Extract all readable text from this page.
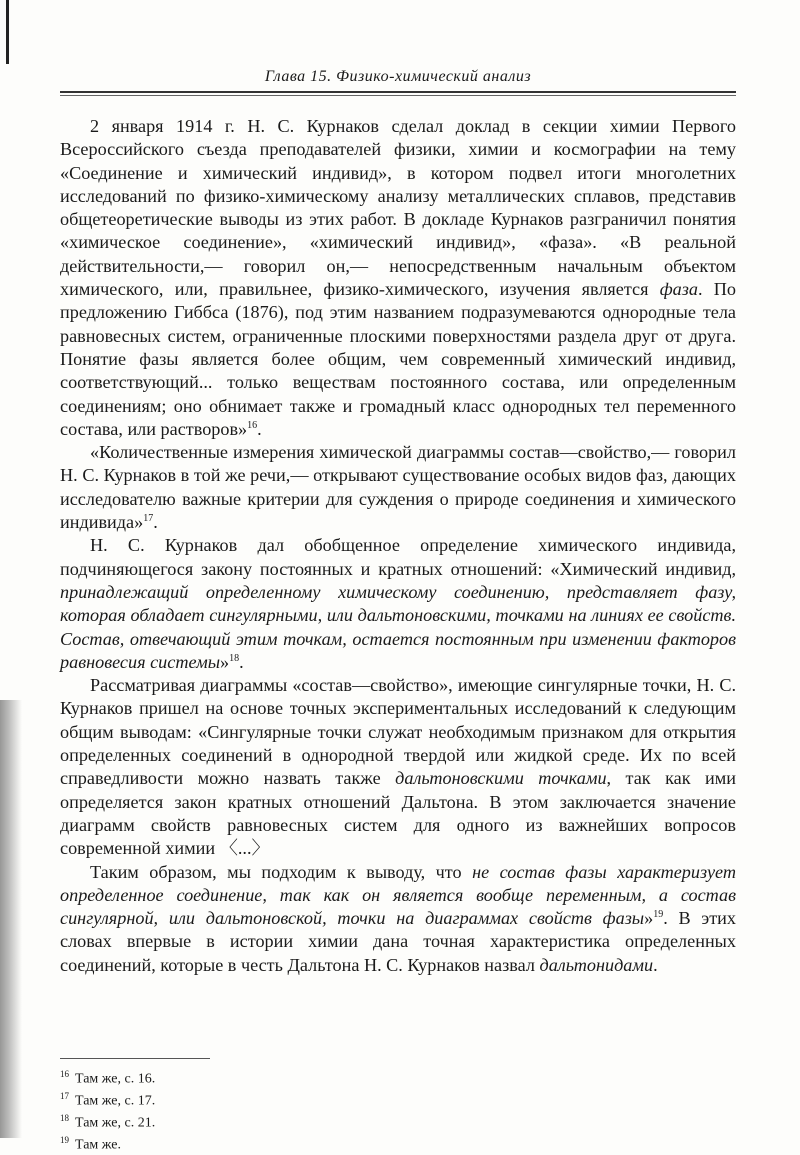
Глава 15. Физико-химический анализ

2 января 1914 г. Н. С. Курнаков сделал доклад в секции химии Первого Всероссийского съезда преподавателей физики, химии и космографии на тему «Соединение и химический индивид», в котором подвел итоги многолетних исследований по физико-химическому анализу металлических сплавов, представив общетеоретические выводы из этих работ. В докладе Курнаков разграничил понятия «химическое соединение», «химический индивид», «фаза». «В реальной действительности,— говорил он,— непосредственным начальным объектом химического, или, правильнее, физико-химического, изучения является фаза. По предложению Гиббса (1876), под этим названием подразумеваются однородные тела равновесных систем, ограниченные плоскими поверхностями раздела друг от друга. Понятие фазы является более общим, чем современный химический индивид, соответствующий... только веществам постоянного состава, или определенным соединениям; оно обнимает также и громадный класс однородных тел переменного состава, или растворов»$^{16}$.

«Количественные измерения химической диаграммы состав—свойство,— говорил Н. С. Курнаков в той же речи,— открывают существование особых видов фаз, дающих исследователю важные критерии для суждения о природе соединения и химического индивида»$^{17}$.

Н. С. Курнаков дал обобщенное определение химического индивида, подчиняющегося закону постоянных и кратных отношений: «Химический индивид, принадлежащий определенному химическому соединению, представляет фазу, которая обладает сингулярными, или дальтоновскими, точками на линиях ее свойств. Состав, отвечающий этим точкам, остается постоянным при изменении факторов равновесия системы»$^{18}$.

Рассматривая диаграммы «состав—свойство», имеющие сингулярные точки, Н. С. Курнаков пришел на основе точных экспериментальных исследований к следующим общим выводам: «Сингулярные точки служат необходимым признаком для открытия определенных соединений в однородной твердой или жидкой среде. Их по всей справедливости можно назвать также дальтоновскими точками, так как ими определяется закон кратных отношений Дальтона. В этом заключается значение диаграмм свойств равновесных систем для одного из важнейших вопросов современной химии 〈...〉

Таким образом, мы подходим к выводу, что не состав фазы характеризует определенное соединение, так как он является вообще переменным, а состав сингулярной, или дальтоновской, точки на диаграммах свойств фазы»$^{19}$. В этих словах впервые в истории химии дана точная характеристика определенных соединений, которые в честь Дальтона Н. С. Курнаков назвал дальтонидами.

$^{16}$ Там же, с. 16.
$^{17}$ Там же, с. 17.
$^{18}$ Там же, с. 21.
$^{19}$ Там же.
